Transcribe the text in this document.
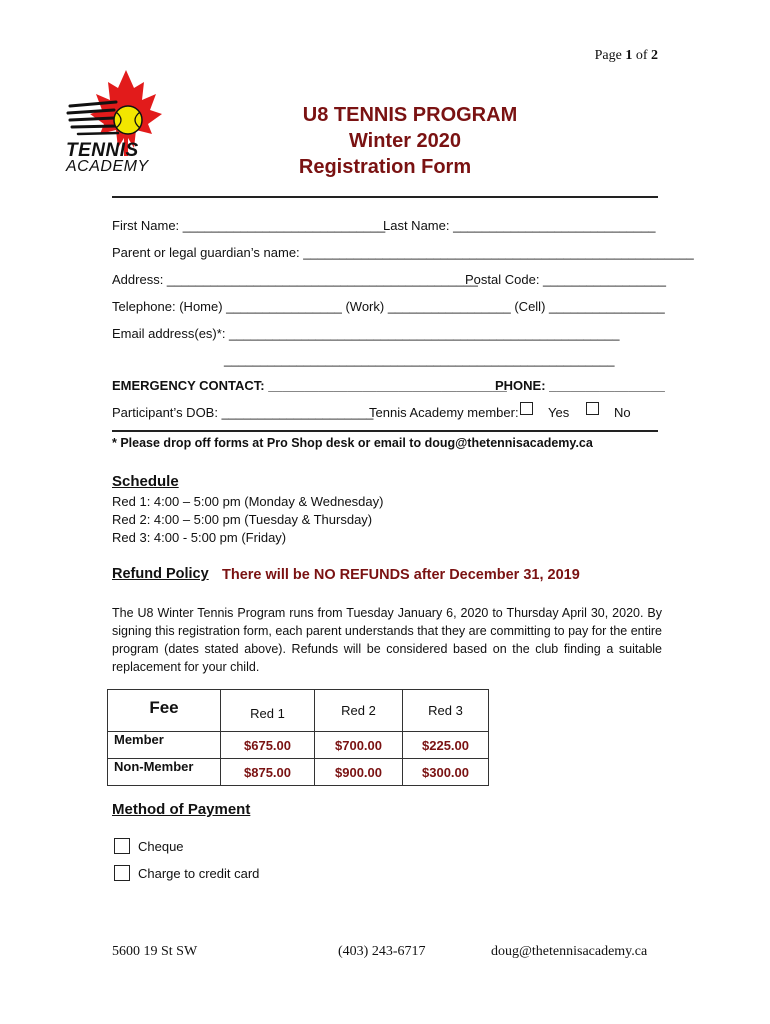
Page 1 of 2
TENNIS
ACADEMY
U8 TENNIS PROGRAM
Winter 2020
Registration Form
First Name: ____________________________
Last Name: ____________________________
Parent or legal guardian’s name: ______________________________________________________
Address: ___________________________________________
Postal Code: _________________
Telephone: (Home) ________________ (Work) _________________ (Cell) ________________
Email address(es)*: ______________________________________________________
______________________________________________________
EMERGENCY CONTACT: _________________________________
PHONE: ________________
Participant’s DOB: _____________________
Tennis Academy member: Yes	No
* Please drop off forms at Pro Shop desk or email to doug@thetennisacademy.ca
Schedule
Red 1: 4:00 – 5:00 pm (Monday & Wednesday)
Red 2: 4:00 – 5:00 pm (Tuesday & Thursday)
Red 3: 4:00 - 5:00 pm (Friday)
Refund Policy There will be NO REFUNDS after December 31, 2019
The U8 Winter Tennis Program runs from Tuesday January 6, 2020 to Thursday April 30, 2020. By signing this registration form, each parent understands that they are committing to pay for the entire program (dates stated above). Refunds will be considered based on the club finding a suitable replacement for your child.
Fee	Red 1	Red 2	Red 3
Member	$675.00	$700.00	$225.00
Non-Member	$875.00	$900.00	$300.00
Method of Payment
Cheque
Charge to credit card
5600 19 St SW	(403) 243-6717	doug@thetennisacademy.ca
